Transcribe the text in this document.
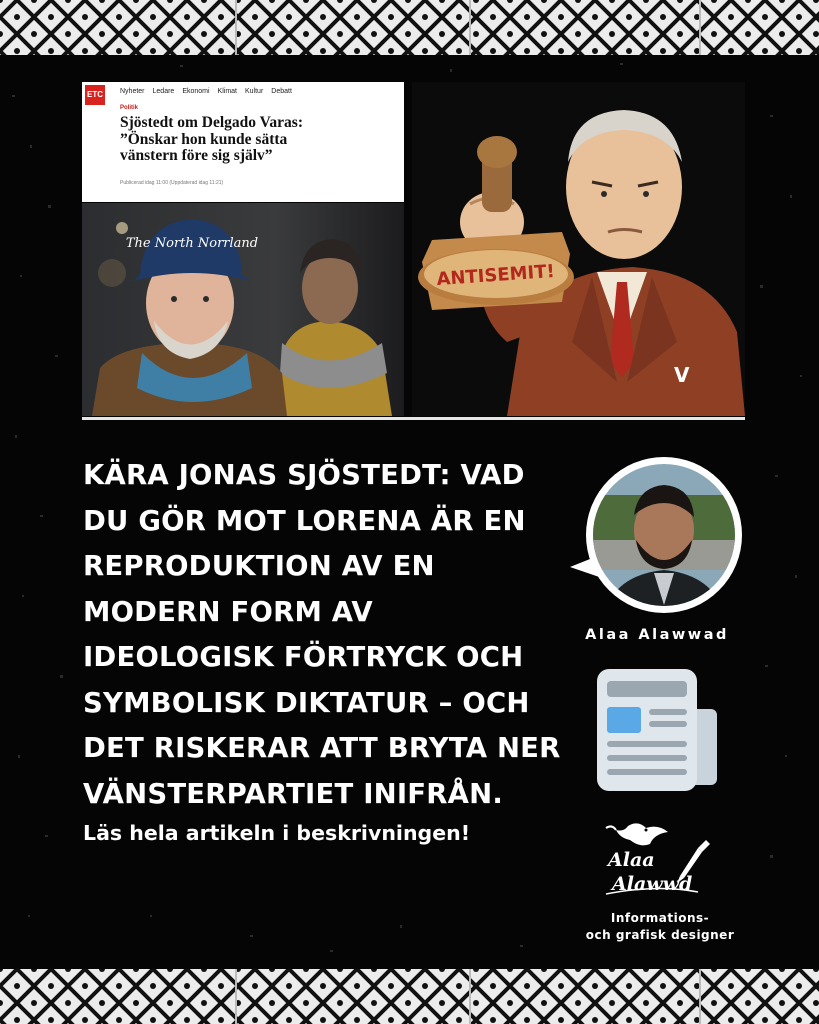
ETC Nyheter Ledare Ekonomi Klimat Kultur Debatt
Politik
Sjöstedt om Delgado Varas:
”Önskar hon kunde sätta
vänstern före sig själv”
Publicerad idag 11:00 (Uppdaterad idag 11:21)
The North Norrland
V
ANTISEMIT!
KÄRA JONAS SJÖSTEDT: VAD
DU GÖR MOT LORENA ÄR EN
REPRODUKTION AV EN
MODERN FORM AV
IDEOLOGISK FÖRTRYCK OCH
SYMBOLISK DIKTATUR – OCH
DET RISKERAR ATT BRYTA NER
VÄNSTERPARTIET INIFRÅN.
Läs hela artikeln i beskrivningen!
Alaa Alawwad
Alaa
Alawwd
Informations-
och grafisk designer
